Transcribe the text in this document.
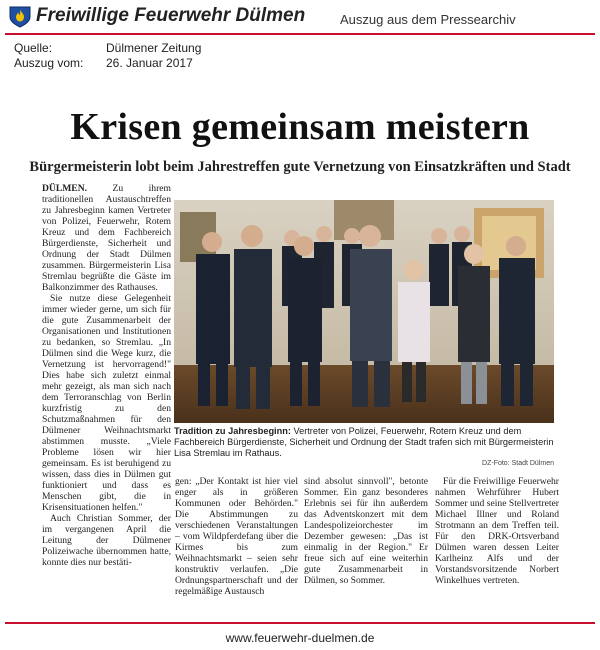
Freiwillige Feuerwehr Dülmen	Auszug aus dem Pressearchiv
Quelle:	Dülmener Zeitung
Auszug vom: 26. Januar 2017
Krisen gemeinsam meistern
Bürgermeisterin lobt beim Jahrestreffen gute Vernetzung von Einsatzkräften und Stadt

DÜLMEN.	Zu ihrem traditionellen Austauschtreffen zu Jahresbeginn kamen Vertreter von Polizei, Feuerwehr, Rotem Kreuz und dem Fachbereich Bürgerdienste, Sicherheit und Ordnung der Stadt Dülmen zusammen. Bürgermeisterin Lisa Stremlau begrüßte die Gäste im Balkonzimmer des Rathauses.

Sie nutze diese Gelegenheit immer wieder gerne, um sich für die gute Zusammenarbeit der Organisationen und Institutionen zu bedanken, so Stremlau. „In Dülmen sind die Wege kurz, die Vernetzung ist hervorragend!" Dies habe sich zuletzt einmal mehr gezeigt, als man sich nach dem Terroranschlag von Berlin kurzfristig zu den Schutzmaßnahmen für den Dülmener Weihnachtsmarkt abstimmen musste. „Viele Probleme lösen wir hier gemeinsam. Es ist beruhigend zu wissen, dass dies in Dülmen gut funktioniert und dass es Menschen gibt, die in Krisensituationen helfen."

Auch Christian Sommer, der im vergangenen April die Leitung der Dülmener Polizeiwache übernommen hatte, konnte dies nur bestäti-

Tradition zu Jahresbeginn: Vertreter von Polizei, Feuerwehr, Rotem Kreuz und dem Fachbereich Bürgerdienste, Sicherheit und Ordnung der Stadt trafen sich mit Bürgermeisterin Lisa Stremlau im Rathaus.
DZ-Foto: Stadt Dülmen

gen: „Der Kontakt ist hier viel enger als in größeren Kommunen oder Behörden." Die Abstimmungen zu verschiedenen Veranstaltungen – vom Wildpferdefang über die Kirmes bis zum Weihnachtsmarkt – seien sehr konstruktiv verlaufen. „Die Ordnungspartnerschaft und der regelmäßige Austausch

sind absolut sinnvoll", betonte Sommer. Ein ganz besonderes Erlebnis sei für ihn außerdem das Adventskonzert mit dem Landespolizeiorchester im Dezember gewesen: „Das ist einmalig in der Region." Er freue sich auf eine weiterhin gute Zusammenarbeit in Dülmen, so Sommer.

Für die Freiwillige Feuerwehr nahmen Wehrführer Hubert Sommer und seine Stellvertreter Michael Illner und Roland Strotmann an dem Treffen teil. Für den DRK-Ortsverband Dülmen waren dessen Leiter Karlheinz Alfs und der Vorstandsvorsitzende Norbert Winkelhues vertreten.

www.feuerwehr-duelmen.de
